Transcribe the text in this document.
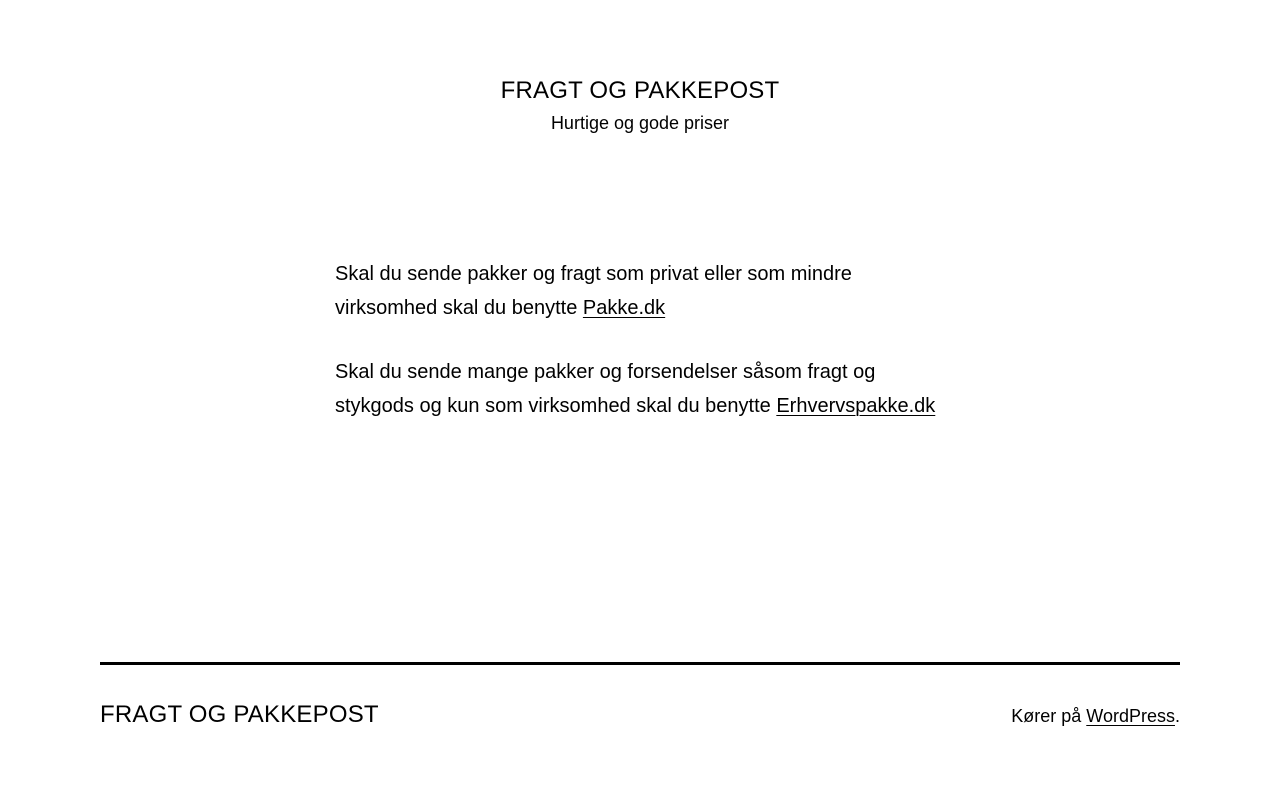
FRAGT OG PAKKEPOST
Hurtige og gode priser

Skal du sende pakker og fragt som privat eller som mindre virksomhed skal du benytte Pakke.dk

Skal du sende mange pakker og forsendelser såsom fragt og stykgods og kun som virksomhed skal du benytte Erhvervspakke.dk

FRAGT OG PAKKEPOST	Kører på WordPress.
